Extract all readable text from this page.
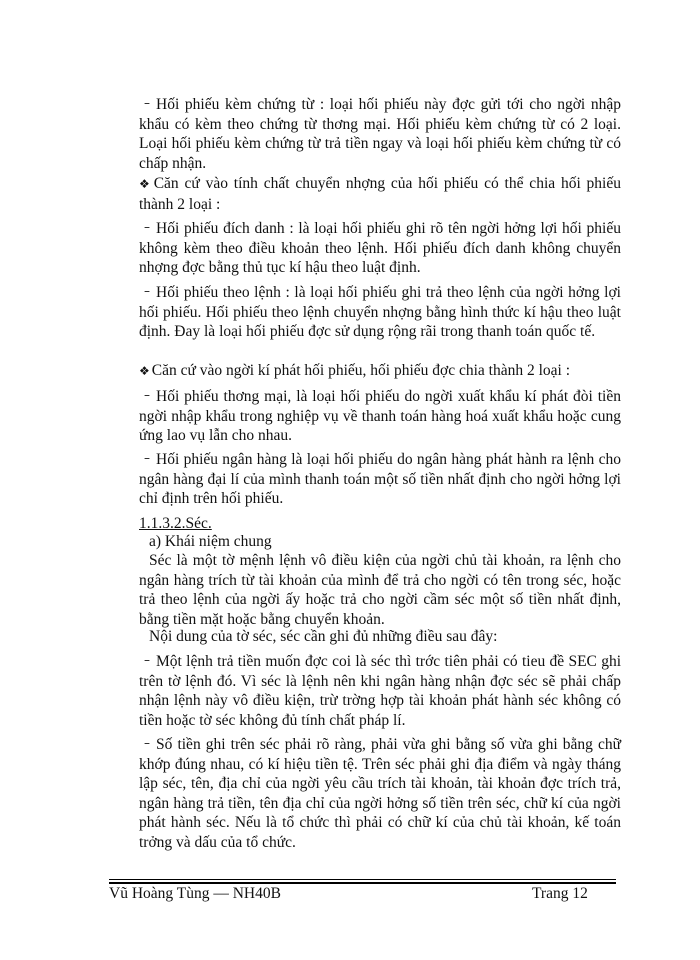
– Hối phiếu kèm chứng từ : loại hối phiếu này đợc gửi tới cho ngời nhập khẩu có kèm theo chứng từ thơng mại. Hối phiếu kèm chứng từ có 2 loại. Loại hối phiếu kèm chứng từ trả tiền ngay và loại hối phiếu kèm chứng từ có chấp nhận.

❖ Căn cứ vào tính chất chuyển nhợng của hối phiếu có thể chia hối phiếu thành 2 loại :

– Hối phiếu đích danh : là loại hối phiếu ghi rõ tên ngời hởng lợi hối phiếu không kèm theo điều khoản theo lệnh. Hối phiếu đích danh không chuyển nhợng đợc bằng thủ tục kí hậu theo luật định.

– Hối phiếu theo lệnh : là loại hối phiếu ghi trả theo lệnh của ngời hởng lợi hối phiếu. Hối phiếu theo lệnh chuyển nhợng bằng hình thức kí hậu theo luật định. Đay là loại hối phiếu đợc sử dụng rộng rãi trong thanh toán quốc tế.

❖ Căn cứ vào ngời kí phát hối phiếu, hối phiếu đợc chia thành 2 loại :

– Hối phiếu thơng mại, là loại hối phiếu do ngời xuất khẩu kí phát đòi tiền ngời nhập khẩu trong nghiệp vụ về thanh toán hàng hoá xuất khẩu hoặc cung ứng lao vụ lẫn cho nhau.

– Hối phiếu ngân hàng là loại hối phiếu do ngân hàng phát hành ra lệnh cho ngân hàng đại lí của mình thanh toán một số tiền nhất định cho ngời hởng lợi chỉ định trên hối phiếu.

1.1.3.2.Séc.
a) Khái niệm chung

Séc là một tờ mệnh lệnh vô điều kiện của ngời chủ tài khoản, ra lệnh cho ngân hàng trích từ tài khoản của mình để trả cho ngời có tên trong séc, hoặc trả theo lệnh của ngời ấy hoặc trả cho ngời cầm séc một số tiền nhất định, bằng tiền mặt hoặc bằng chuyển khoản.

Nội dung của tờ séc, séc cần ghi đủ những điều sau đây:

– Một lệnh trả tiền muốn đợc coi là séc thì trớc tiên phải có tieu đề SEC ghi trên tờ lệnh đó. Vì séc là lệnh nên khi ngân hàng nhận đợc séc sẽ phải chấp nhận lệnh này vô điều kiện, trừ trờng hợp tài khoản phát hành séc không có tiền hoặc tờ séc không đủ tính chất pháp lí.

– Số tiền ghi trên séc phải rõ ràng, phải vừa ghi bằng số vừa ghi bằng chữ khớp đúng nhau, có kí hiệu tiền tệ. Trên séc phải ghi địa điểm và ngày tháng lập séc, tên, địa chỉ của ngời yêu cầu trích tài khoản, tài khoản đợc trích trả, ngân hàng trả tiền, tên địa chỉ của ngời hởng số tiền trên séc, chữ kí của ngời phát hành séc. Nếu là tổ chức thì phải có chữ kí của chủ tài khoản, kế toán trởng và dấu của tổ chức.

Vũ Hoàng Tùng — NH40B	Trang 12
